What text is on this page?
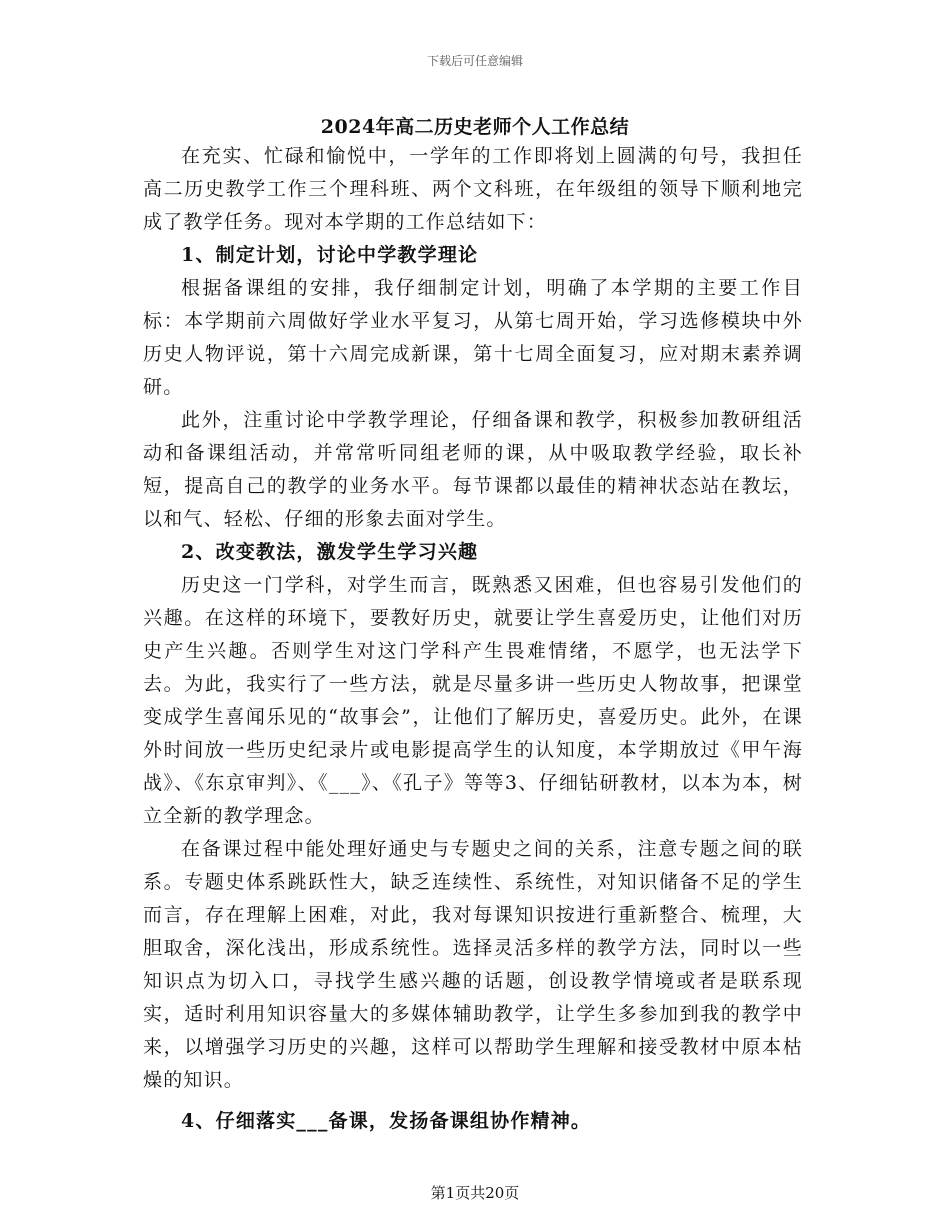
下载后可任意编辑
2024年高二历史老师个人工作总结

在充实、忙碌和愉悦中，一学年的工作即将划上圆满的句号，我担任高二历史教学工作三个理科班、两个文科班，在年级组的领导下顺利地完成了教学任务。现对本学期的工作总结如下：

1、制定计划，讨论中学教学理论

根据备课组的安排，我仔细制定计划，明确了本学期的主要工作目标：本学期前六周做好学业水平复习，从第七周开始，学习选修模块中外历史人物评说，第十六周完成新课，第十七周全面复习，应对期末素养调研。

此外，注重讨论中学教学理论，仔细备课和教学，积极参加教研组活动和备课组活动，并常常听同组老师的课，从中吸取教学经验，取长补短，提高自己的教学的业务水平。每节课都以最佳的精神状态站在教坛，以和气、轻松、仔细的形象去面对学生。

2、改变教法，激发学生学习兴趣

历史这一门学科，对学生而言，既熟悉又困难，但也容易引发他们的兴趣。在这样的环境下，要教好历史，就要让学生喜爱历史，让他们对历史产生兴趣。否则学生对这门学科产生畏难情绪，不愿学，也无法学下去。为此，我实行了一些方法，就是尽量多讲一些历史人物故事，把课堂变成学生喜闻乐见的“故事会”，让他们了解历史，喜爱历史。此外，在课外时间放一些历史纪录片或电影提高学生的认知度，本学期放过《甲午海战》、《东京审判》、《___》、《孔子》等等3、仔细钻研教材，以本为本，树立全新的教学理念。

在备课过程中能处理好通史与专题史之间的关系，注意专题之间的联系。专题史体系跳跃性大，缺乏连续性、系统性，对知识储备不足的学生而言，存在理解上困难，对此，我对每课知识按进行重新整合、梳理，大胆取舍，深化浅出，形成系统性。选择灵活多样的教学方法，同时以一些知识点为切入口，寻找学生感兴趣的话题，创设教学情境或者是联系现实，适时利用知识容量大的多媒体辅助教学，让学生多参加到我的教学中来，以增强学习历史的兴趣，这样可以帮助学生理解和接受教材中原本枯燥的知识。

4、仔细落实___备课，发扬备课组协作精神。

第1页共20页
